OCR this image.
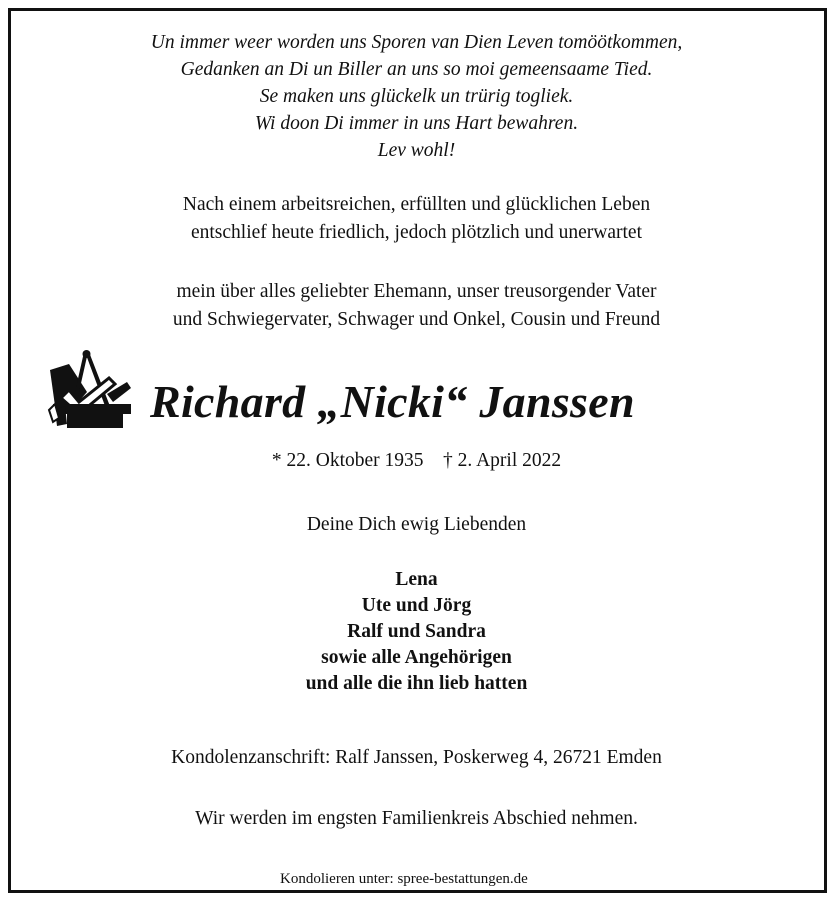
Un immer weer worden uns Sporen van Dien Leven tomöötkommen,
Gedanken an Di un Biller an uns so moi gemeensaame Tied.
Se maken uns glückelk un trürig togliek.
Wi doon Di immer in uns Hart bewahren.
Lev wohl!
Nach einem arbeitsreichen, erfüllten und glücklichen Leben
entschlief heute friedlich, jedoch plötzlich und unerwartet
mein über alles geliebter Ehemann, unser treusorgender Vater
und Schwiegervater, Schwager und Onkel, Cousin und Freund
Richard „Nicki“ Janssen
* 22. Oktober 1935    † 2. April 2022
Deine Dich ewig Liebenden
Lena
Ute und Jörg
Ralf und Sandra
sowie alle Angehörigen
und alle die ihn lieb hatten
Kondolenzanschrift: Ralf Janssen, Poskerweg 4, 26721 Emden
Wir werden im engsten Familienkreis Abschied nehmen.
Kondolieren unter: spree-bestattungen.de
